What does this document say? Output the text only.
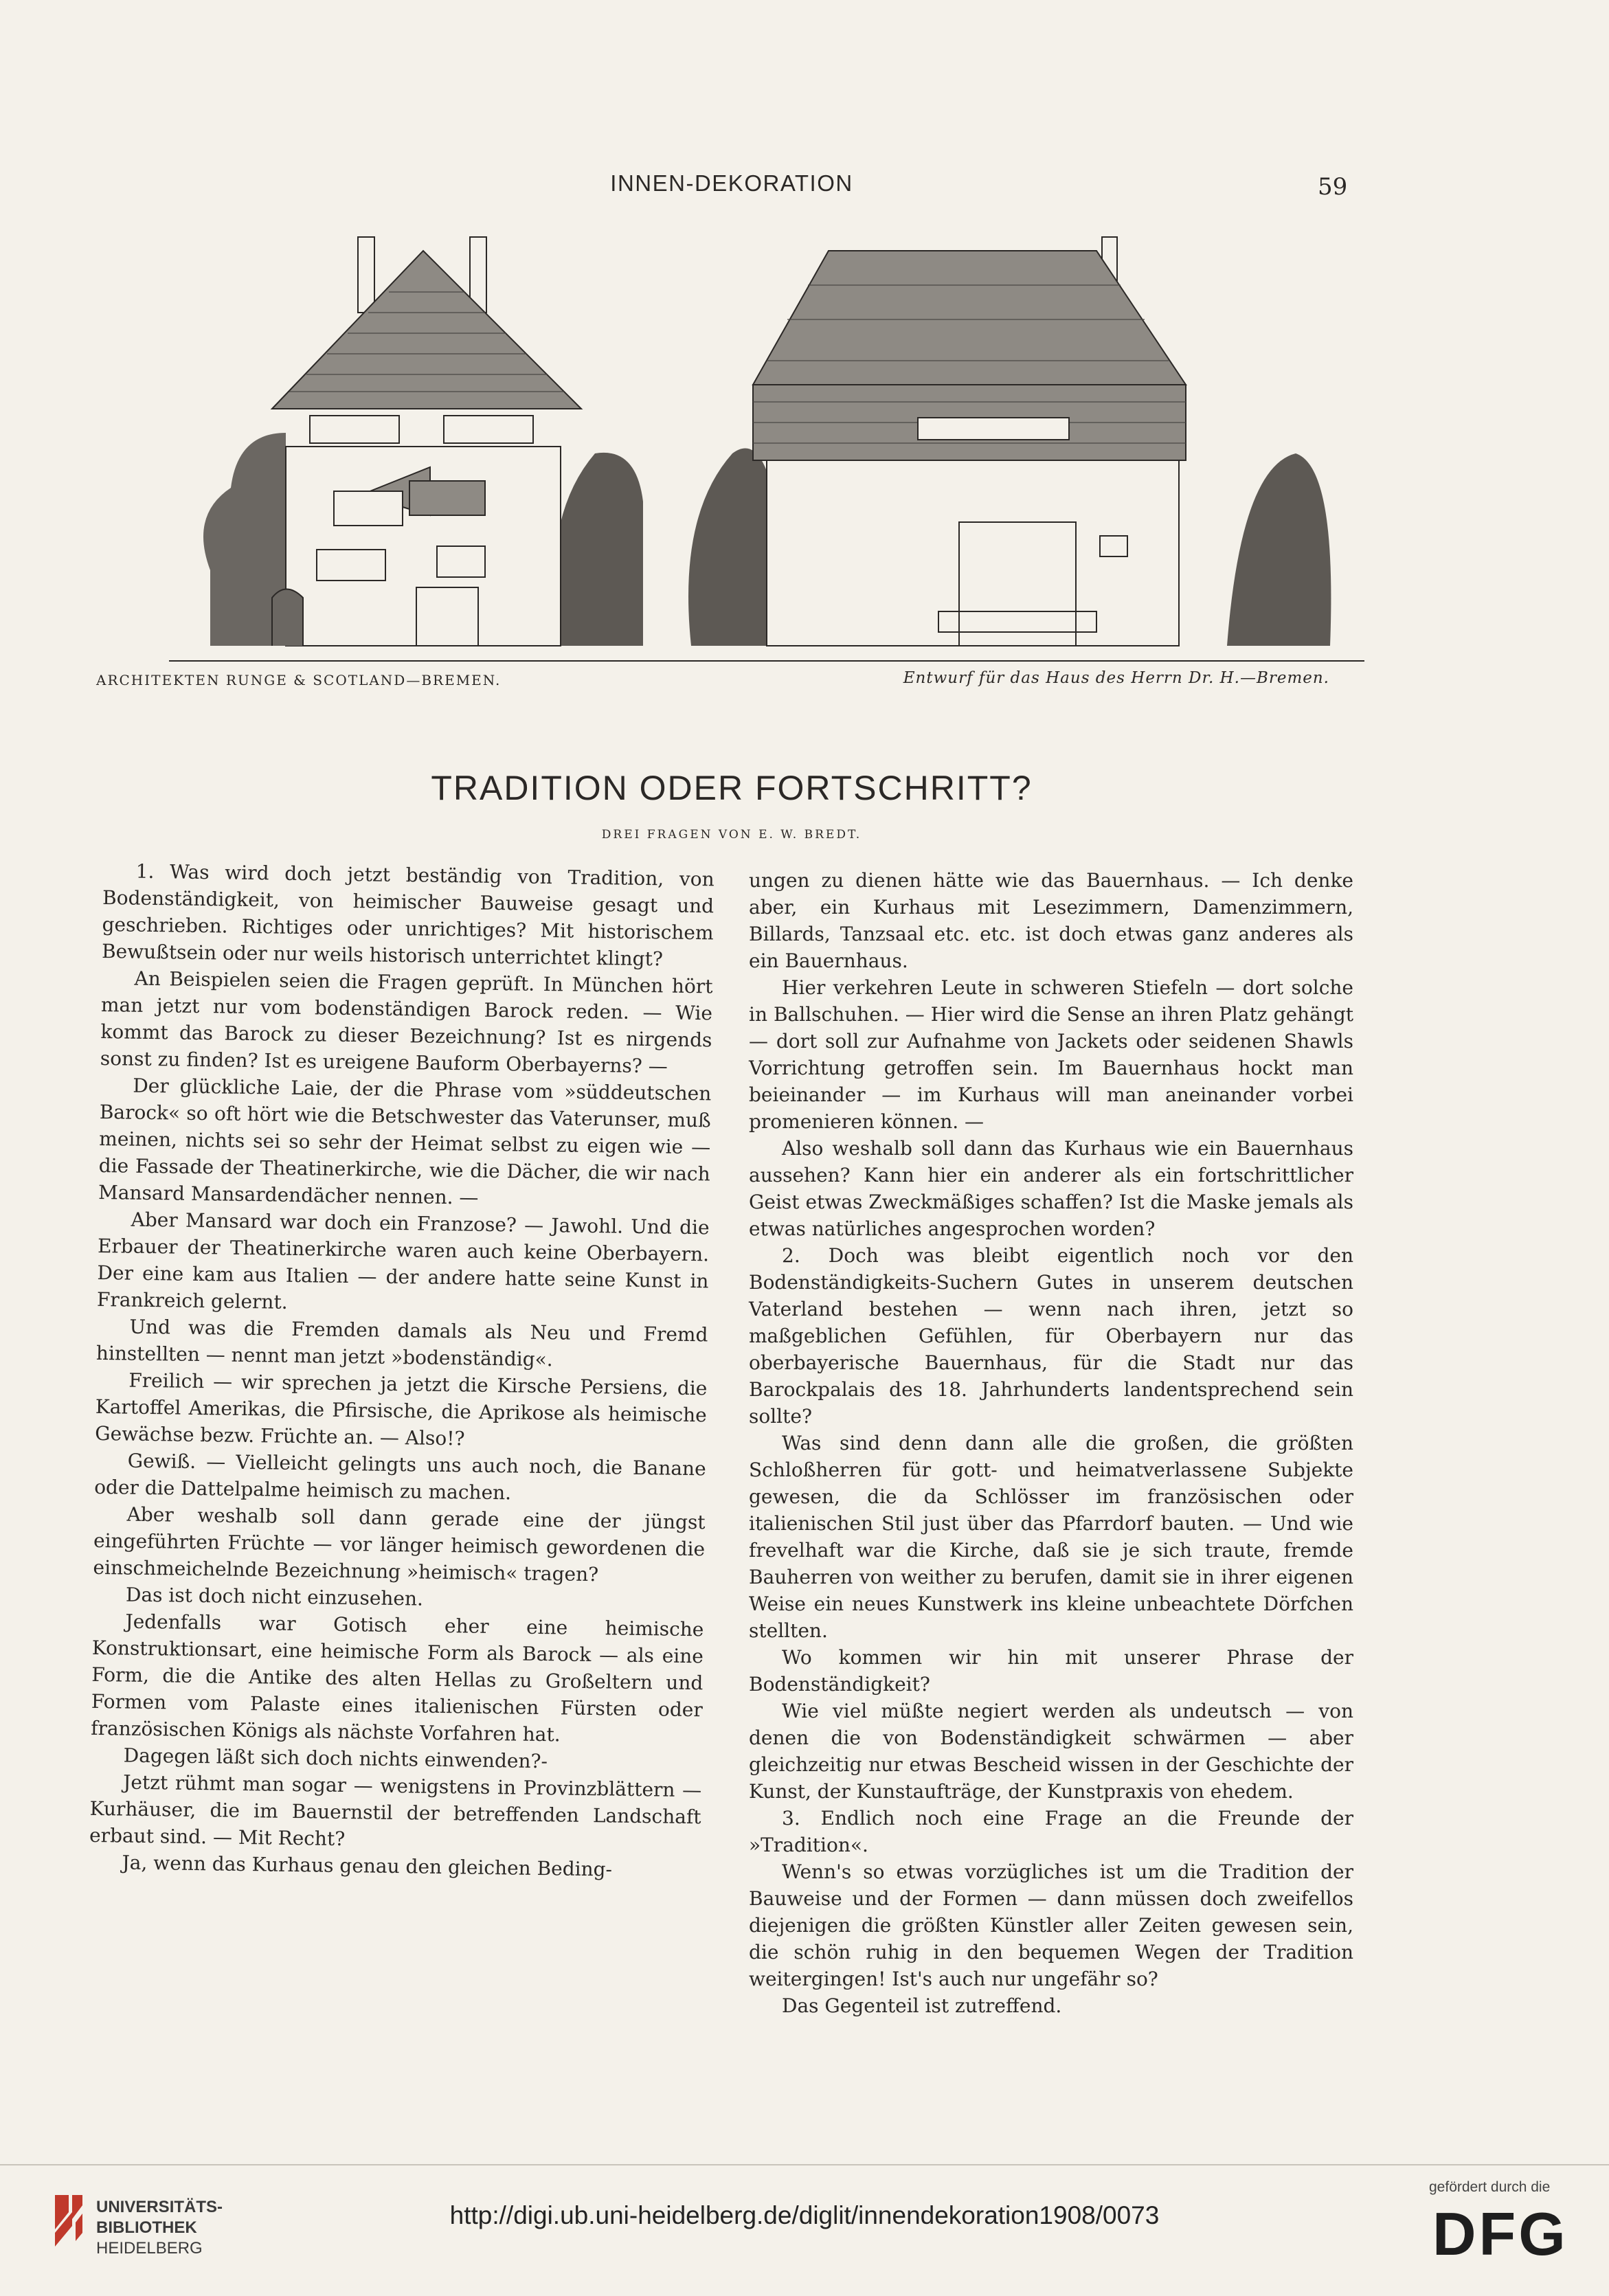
INNEN-DEKORATION	59
ARCHITEKTEN RUNGE & SCOTLAND—BREMEN.	Entwurf für das Haus des Herrn Dr. H.—Bremen.
TRADITION ODER FORTSCHRITT?
DREI FRAGEN VON E. W. BREDT.

1. Was wird doch jetzt beständig von Tradition, von Bodenständigkeit, von heimischer Bauweise gesagt und geschrieben. Richtiges oder unrichtiges? Mit historischem Bewußtsein oder nur weils historisch unterrichtet klingt?

An Beispielen seien die Fragen geprüft. In München hört man jetzt nur vom bodenständigen Barock reden. — Wie kommt das Barock zu dieser Bezeichnung? Ist es nirgends sonst zu finden? Ist es ureigene Bauform Oberbayerns? —

Der glückliche Laie, der die Phrase vom »süddeutschen Barock« so oft hört wie die Betschwester das Vaterunser, muß meinen, nichts sei so sehr der Heimat selbst zu eigen wie — die Fassade der Theatinerkirche, wie die Dächer, die wir nach Mansard Mansardendächer nennen. —

Aber Mansard war doch ein Franzose? — Jawohl. Und die Erbauer der Theatinerkirche waren auch keine Oberbayern. Der eine kam aus Italien — der andere hatte seine Kunst in Frankreich gelernt.

Und was die Fremden damals als Neu und Fremd hinstellten — nennt man jetzt »bodenständig«.

Freilich — wir sprechen ja jetzt die Kirsche Persiens, die Kartoffel Amerikas, die Pfirsische, die Aprikose als heimische Gewächse bezw. Früchte an. — Also!?

Gewiß. — Vielleicht gelingts uns auch noch, die Banane oder die Dattelpalme heimisch zu machen.

Aber weshalb soll dann gerade eine der jüngst eingeführten Früchte — vor länger heimisch gewordenen die einschmeichelnde Bezeichnung »heimisch« tragen?

Das ist doch nicht einzusehen.

Jedenfalls war Gotisch eher eine heimische Konstruktionsart, eine heimische Form als Barock — als eine Form, die die Antike des alten Hellas zu Großeltern und Formen vom Palaste eines italienischen Fürsten oder französischen Königs als nächste Vorfahren hat.

Dagegen läßt sich doch nichts einwenden?-

Jetzt rühmt man sogar — wenigstens in Provinzblättern — Kurhäuser, die im Bauernstil der betreffenden Landschaft erbaut sind. — Mit Recht?

Ja, wenn das Kurhaus genau den gleichen Beding-

ungen zu dienen hätte wie das Bauernhaus. — Ich denke aber, ein Kurhaus mit Lesezimmern, Damenzimmern, Billards, Tanzsaal etc. etc. ist doch etwas ganz anderes als ein Bauernhaus.

Hier verkehren Leute in schweren Stiefeln — dort solche in Ballschuhen. — Hier wird die Sense an ihren Platz gehängt — dort soll zur Aufnahme von Jackets oder seidenen Shawls Vorrichtung getroffen sein. Im Bauernhaus hockt man beieinander — im Kurhaus will man aneinander vorbei promenieren können. —

Also weshalb soll dann das Kurhaus wie ein Bauernhaus aussehen? Kann hier ein anderer als ein fortschrittlicher Geist etwas Zweckmäßiges schaffen? Ist die Maske jemals als etwas natürliches angesprochen worden?

2. Doch was bleibt eigentlich noch vor den Bodenständigkeits-Suchern Gutes in unserem deutschen Vaterland bestehen — wenn nach ihren, jetzt so maßgeblichen Gefühlen, für Oberbayern nur das oberbayerische Bauernhaus, für die Stadt nur das Barockpalais des 18. Jahrhunderts landentsprechend sein sollte?

Was sind denn dann alle die großen, die größten Schloßherren für gott- und heimatverlassene Subjekte gewesen, die da Schlösser im französischen oder italienischen Stil just über das Pfarrdorf bauten. — Und wie frevelhaft war die Kirche, daß sie je sich traute, fremde Bauherren von weither zu berufen, damit sie in ihrer eigenen Weise ein neues Kunstwerk ins kleine unbeachtete Dörfchen stellten.

Wo kommen wir hin mit unserer Phrase der Bodenständigkeit?

Wie viel müßte negiert werden als undeutsch — von denen die von Bodenständigkeit schwärmen — aber gleichzeitig nur etwas Bescheid wissen in der Geschichte der Kunst, der Kunstaufträge, der Kunstpraxis von ehedem.

3. Endlich noch eine Frage an die Freunde der »Tradition«.

Wenn's so etwas vorzügliches ist um die Tradition der Bauweise und der Formen — dann müssen doch zweifellos diejenigen die größten Künstler aller Zeiten gewesen sein, die schön ruhig in den bequemen Wegen der Tradition weitergingen! Ist's auch nur ungefähr so?

Das Gegenteil ist zutreffend.

UNIVERSITÄTS-
BIBLIOTHEK
HEIDELBERG
http://digi.ub.uni-heidelberg.de/diglit/innendekoration1908/0073
gefördert durch die
DFG
